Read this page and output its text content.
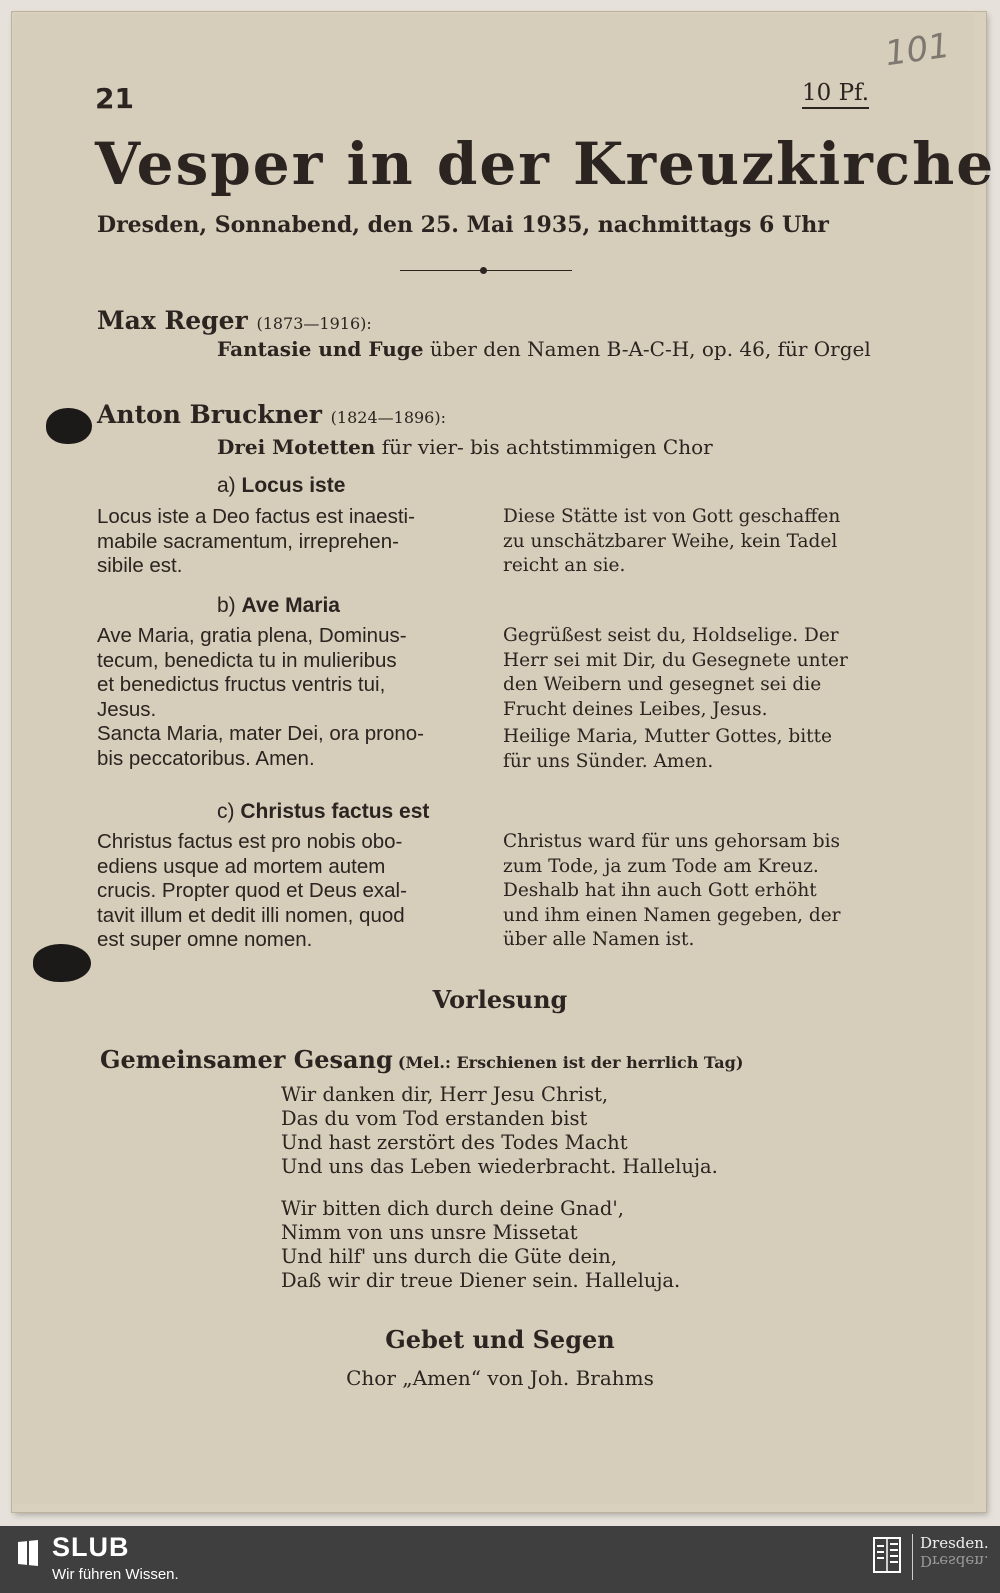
101
21	10 Pf.
Vesper in der Kreuzkirche
Dresden, Sonnabend, den 25. Mai 1935, nachmittags 6 Uhr
Max Reger (1873—1916):
Fantasie und Fuge über den Namen B-A-C-H, op. 46, für Orgel
Anton Bruckner (1824—1896):
Drei Motetten für vier- bis achtstimmigen Chor
a) Locus iste
Locus iste a Deo factus est inaesti-
mabile sacramentum, irreprehen-
sibile est.
Diese Stätte ist von Gott geschaffen
zu unschätzbarer Weihe, kein Tadel
reicht an sie.
b) Ave Maria
Ave Maria, gratia plena, Dominus-
tecum, benedicta tu in mulieribus
et benedictus fructus ventris tui,
Jesus.
Sancta Maria, mater Dei, ora prono-
bis peccatoribus. Amen.
Gegrüßest seist du, Holdselige. Der
Herr sei mit Dir, du Gesegnete unter
den Weibern und gesegnet sei die
Frucht deines Leibes, Jesus.
Heilige Maria, Mutter Gottes, bitte
für uns Sünder. Amen.
c) Christus factus est
Christus factus est pro nobis obo-
ediens usque ad mortem autem
crucis. Propter quod et Deus exal-
tavit illum et dedit illi nomen, quod
est super omne nomen.
Christus ward für uns gehorsam bis
zum Tode, ja zum Tode am Kreuz.
Deshalb hat ihn auch Gott erhöht
und ihm einen Namen gegeben, der
über alle Namen ist.
Vorlesung
Gemeinsamer Gesang (Mel.: Erschienen ist der herrlich Tag)
Wir danken dir, Herr Jesu Christ,
Das du vom Tod erstanden bist
Und hast zerstört des Todes Macht
Und uns das Leben wiederbracht. Halleluja.
Wir bitten dich durch deine Gnad',
Nimm von uns unsre Missetat
Und hilf' uns durch die Güte dein,
Daß wir dir treue Diener sein. Halleluja.
Gebet und Segen
Chor „Amen“ von Joh. Brahms
SLUB
Wir führen Wissen.
Dresden.
Dresden.
